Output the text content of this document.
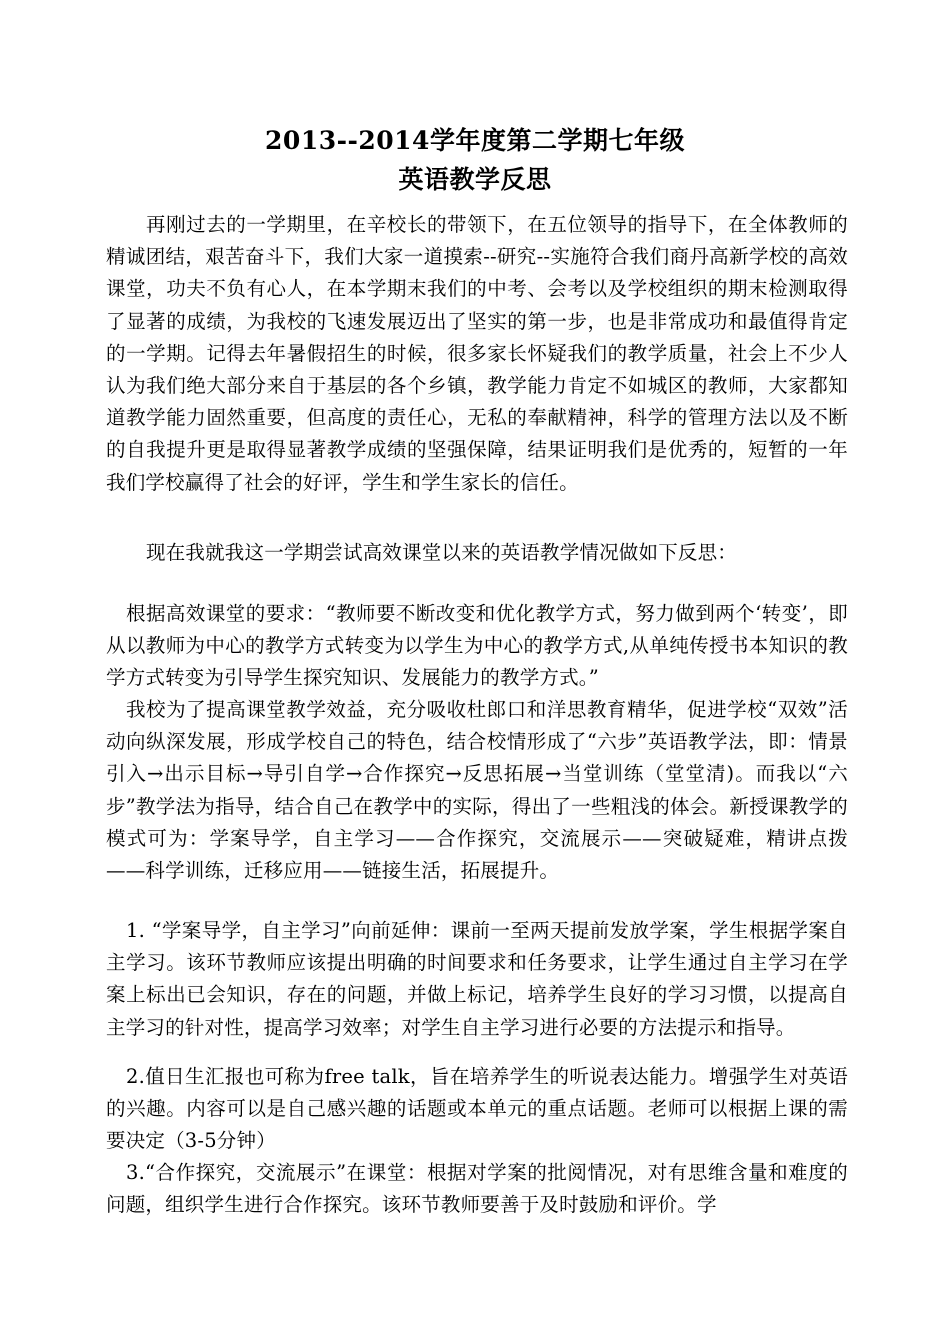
2013--2014学年度第二学期七年级
英语教学反思

再刚过去的一学期里，在辛校长的带领下，在五位领导的指导下，在全体教师的精诚团结，艰苦奋斗下，我们大家一道摸索--研究--实施符合我们商丹高新学校的高效课堂，功夫不负有心人，在本学期末我们的中考、会考以及学校组织的期末检测取得了显著的成绩，为我校的飞速发展迈出了坚实的第一步，也是非常成功和最值得肯定的一学期。记得去年暑假招生的时候，很多家长怀疑我们的教学质量，社会上不少人认为我们绝大部分来自于基层的各个乡镇，教学能力肯定不如城区的教师，大家都知道教学能力固然重要，但高度的责任心，无私的奉献精神，科学的管理方法以及不断的自我提升更是取得显著教学成绩的坚强保障，结果证明我们是优秀的，短暂的一年我们学校赢得了社会的好评，学生和学生家长的信任。

现在我就我这一学期尝试高效课堂以来的英语教学情况做如下反思：

根据高效课堂的要求：“教师要不断改变和优化教学方式，努力做到两个‘转变’，即从以教师为中心的教学方式转变为以学生为中心的教学方式,从单纯传授书本知识的教学方式转变为引导学生探究知识、发展能力的教学方式。”

我校为了提高课堂教学效益，充分吸收杜郎口和洋思教育精华，促进学校“双效”活动向纵深发展，形成学校自己的特色，结合校情形成了“六步”英语教学法，即：情景引入→出示目标→导引自学→合作探究→反思拓展→当堂训练（堂堂清)。而我以“六步”教学法为指导，结合自己在教学中的实际，得出了一些粗浅的体会。新授课教学的模式可为：学案导学，自主学习——合作探究，交流展示——突破疑难，精讲点拨——科学训练，迁移应用——链接生活，拓展提升。

1. “学案导学，自主学习”向前延伸：课前一至两天提前发放学案，学生根据学案自主学习。该环节教师应该提出明确的时间要求和任务要求，让学生通过自主学习在学案上标出已会知识，存在的问题，并做上标记，培养学生良好的学习习惯，以提高自主学习的针对性，提高学习效率；对学生自主学习进行必要的方法提示和指导。

2.值日生汇报也可称为free talk，旨在培养学生的听说表达能力。增强学生对英语的兴趣。内容可以是自己感兴趣的话题或本单元的重点话题。老师可以根据上课的需要决定（3-5分钟）

3.“合作探究，交流展示”在课堂：根据对学案的批阅情况，对有思维含量和难度的问题，组织学生进行合作探究。该环节教师要善于及时鼓励和评价。学
